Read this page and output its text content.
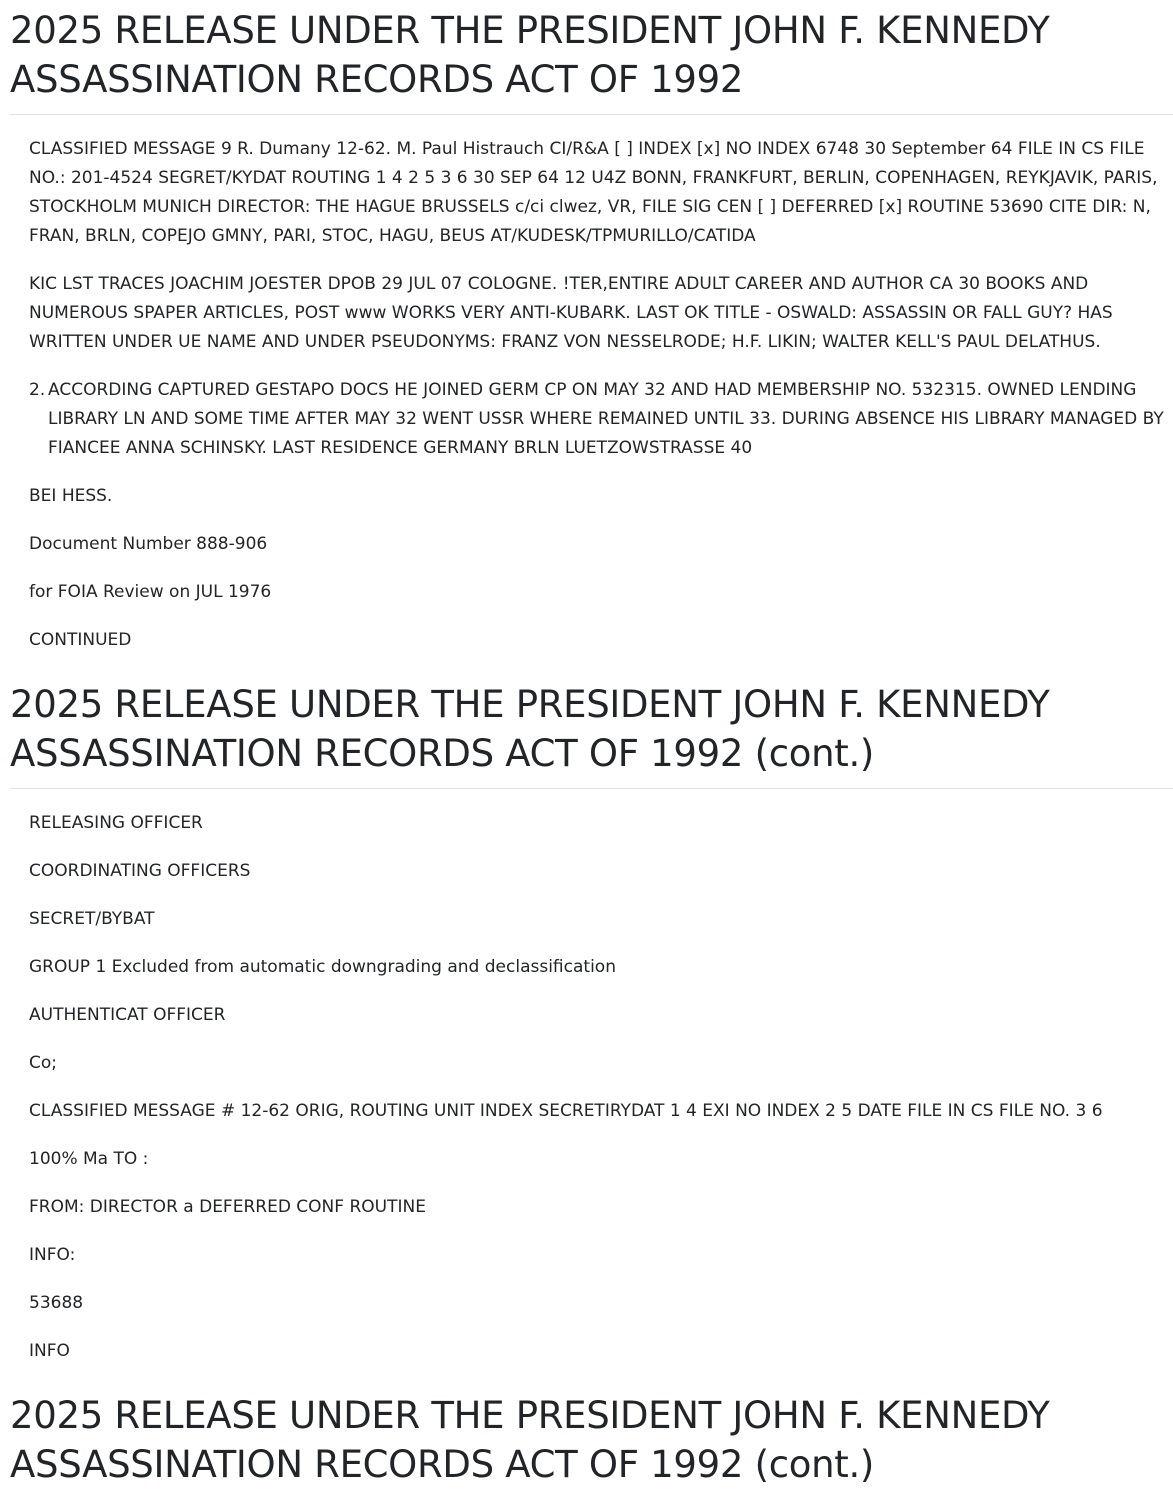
2025 RELEASE UNDER THE PRESIDENT JOHN F. KENNEDY
ASSASSINATION RECORDS ACT OF 1992

CLASSIFIED MESSAGE 9 R. Dumany 12-62. M. Paul Histrauch CI/R&A [ ] INDEX [x] NO INDEX 6748 30 September 64 FILE IN CS FILE NO.: 201-4524 SEGRET/KYDAT ROUTING 1 4 2 5 3 6 30 SEP 64 12 U4Z BONN, FRANKFURT, BERLIN, COPENHAGEN, REYKJAVIK, PARIS, STOCKHOLM MUNICH DIRECTOR: THE HAGUE BRUSSELS c/ci clwez, VR, FILE SIG CEN [ ] DEFERRED [x] ROUTINE 53690 CITE DIR: N, FRAN, BRLN, COPEJO GMNY, PARI, STOC, HAGU, BEUS AT/KUDESK/TPMURILLO/CATIDA

KIC LST TRACES JOACHIM JOESTER DPOB 29 JUL 07 COLOGNE. !TER,ENTIRE ADULT CAREER AND AUTHOR CA 30 BOOKS AND NUMEROUS SPAPER ARTICLES, POST www WORKS VERY ANTI-KUBARK. LAST OK TITLE - OSWALD: ASSASSIN OR FALL GUY? HAS WRITTEN UNDER UE NAME AND UNDER PSEUDONYMS: FRANZ VON NESSELRODE; H.F. LIKIN; WALTER KELL'S PAUL DELATHUS.

2. ACCORDING CAPTURED GESTAPO DOCS HE JOINED GERM CP ON MAY 32 AND HAD MEMBERSHIP NO. 532315. OWNED LENDING LIBRARY LN AND SOME TIME AFTER MAY 32 WENT USSR WHERE REMAINED UNTIL 33. DURING ABSENCE HIS LIBRARY MANAGED BY FIANCEE ANNA SCHINSKY. LAST RESIDENCE GERMANY BRLN LUETZOWSTRASSE 40

BEI HESS.

Document Number 888-906

for FOIA Review on JUL 1976

CONTINUED

2025 RELEASE UNDER THE PRESIDENT JOHN F. KENNEDY
ASSASSINATION RECORDS ACT OF 1992 (cont.)

RELEASING OFFICER

COORDINATING OFFICERS

SECRET/BYBAT

GROUP 1 Excluded from automatic downgrading and declassification

AUTHENTICAT OFFICER

Co;

CLASSIFIED MESSAGE # 12-62 ORIG, ROUTING UNIT INDEX SECRETIRYDAT 1 4 EXI NO INDEX 2 5 DATE FILE IN CS FILE NO. 3 6

100% Ma TO :

FROM: DIRECTOR a DEFERRED CONF ROUTINE

INFO:

53688

INFO

2025 RELEASE UNDER THE PRESIDENT JOHN F. KENNEDY
ASSASSINATION RECORDS ACT OF 1992 (cont.)
